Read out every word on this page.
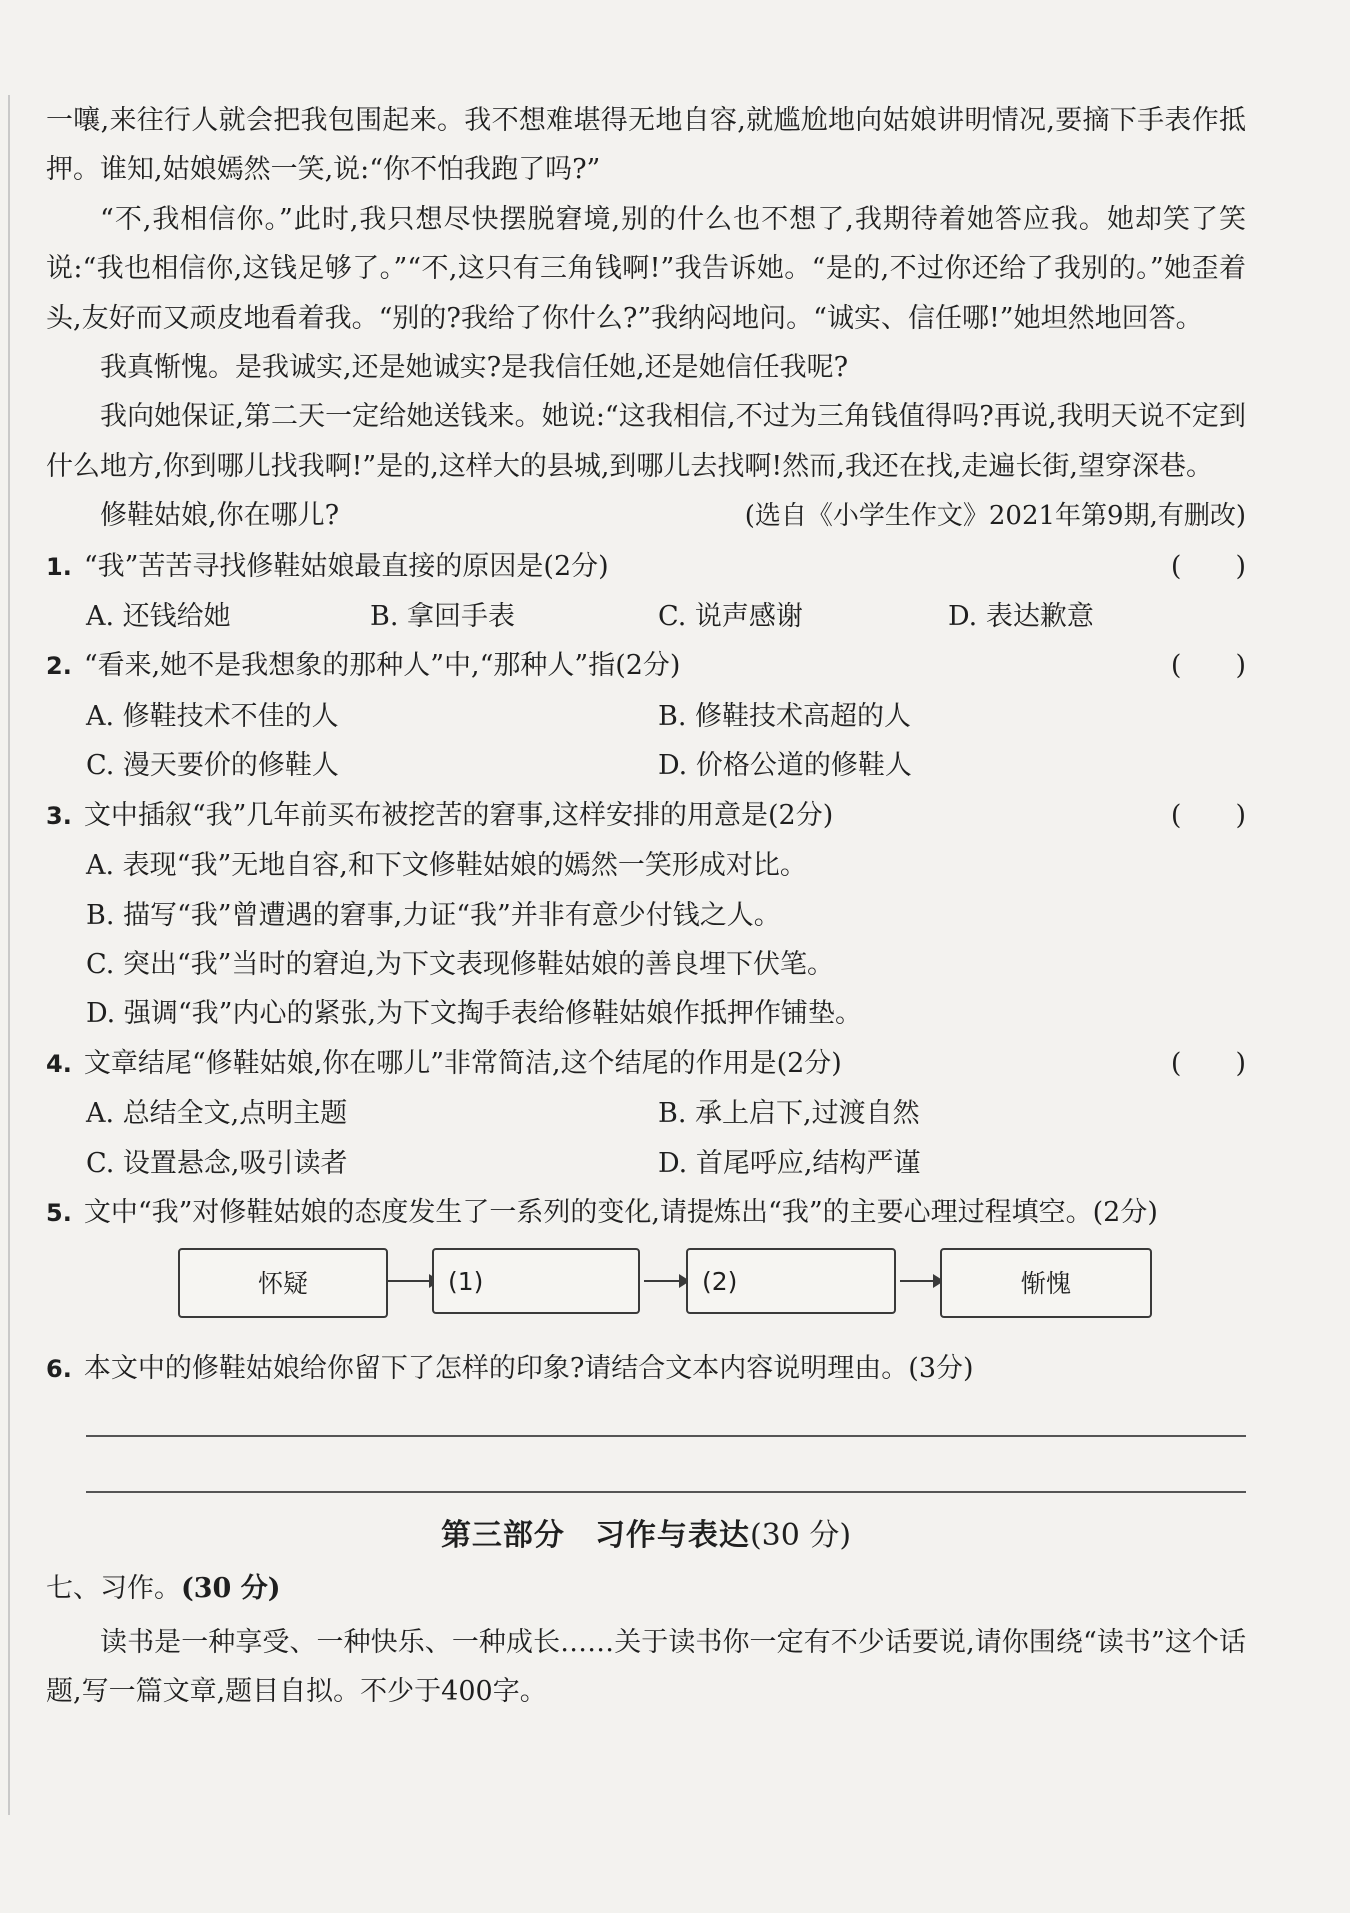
一嚷,来往行人就会把我包围起来。我不想难堪得无地自容,就尴尬地向姑娘讲明情况,要摘下手表作抵押。谁知,姑娘嫣然一笑,说:“你不怕我跑了吗?”

“不,我相信你。”此时,我只想尽快摆脱窘境,别的什么也不想了,我期待着她答应我。她却笑了笑说:“我也相信你,这钱足够了。”“不,这只有三角钱啊!”我告诉她。“是的,不过你还给了我别的。”她歪着头,友好而又顽皮地看着我。“别的?我给了你什么?”我纳闷地问。“诚实、信任哪!”她坦然地回答。

我真惭愧。是我诚实,还是她诚实?是我信任她,还是她信任我呢?

我向她保证,第二天一定给她送钱来。她说:“这我相信,不过为三角钱值得吗?再说,我明天说不定到什么地方,你到哪儿找我啊!”是的,这样大的县城,到哪儿去找啊!然而,我还在找,走遍长街,望穿深巷。

修鞋姑娘,你在哪儿?	(选自《小学生作文》2021年第9期,有删改)
1. “我”苦苦寻找修鞋姑娘最直接的原因是(2分)	(　　)
A. 还钱给她	B. 拿回手表	C. 说声感谢	D. 表达歉意
2. “看来,她不是我想象的那种人”中,“那种人”指(2分)	(　　)
A. 修鞋技术不佳的人	B. 修鞋技术高超的人
C. 漫天要价的修鞋人	D. 价格公道的修鞋人
3. 文中插叙“我”几年前买布被挖苦的窘事,这样安排的用意是(2分)	(　　)
A. 表现“我”无地自容,和下文修鞋姑娘的嫣然一笑形成对比。
B. 描写“我”曾遭遇的窘事,力证“我”并非有意少付钱之人。
C. 突出“我”当时的窘迫,为下文表现修鞋姑娘的善良埋下伏笔。
D. 强调“我”内心的紧张,为下文掏手表给修鞋姑娘作抵押作铺垫。
4. 文章结尾“修鞋姑娘,你在哪儿”非常简洁,这个结尾的作用是(2分)	(　　)
A. 总结全文,点明主题	B. 承上启下,过渡自然
C. 设置悬念,吸引读者	D. 首尾呼应,结构严谨
5. 文中“我”对修鞋姑娘的态度发生了一系列的变化,请提炼出“我”的主要心理过程填空。(2分)
怀疑	(1)	(2)	惭愧
6. 本文中的修鞋姑娘给你留下了怎样的印象?请结合文本内容说明理由。(3分)
第三部分 习作与表达(30 分)
七、习作。(30 分)

读书是一种享受、一种快乐、一种成长……关于读书你一定有不少话要说,请你围绕“读书”这个话题,写一篇文章,题目自拟。不少于400字。
